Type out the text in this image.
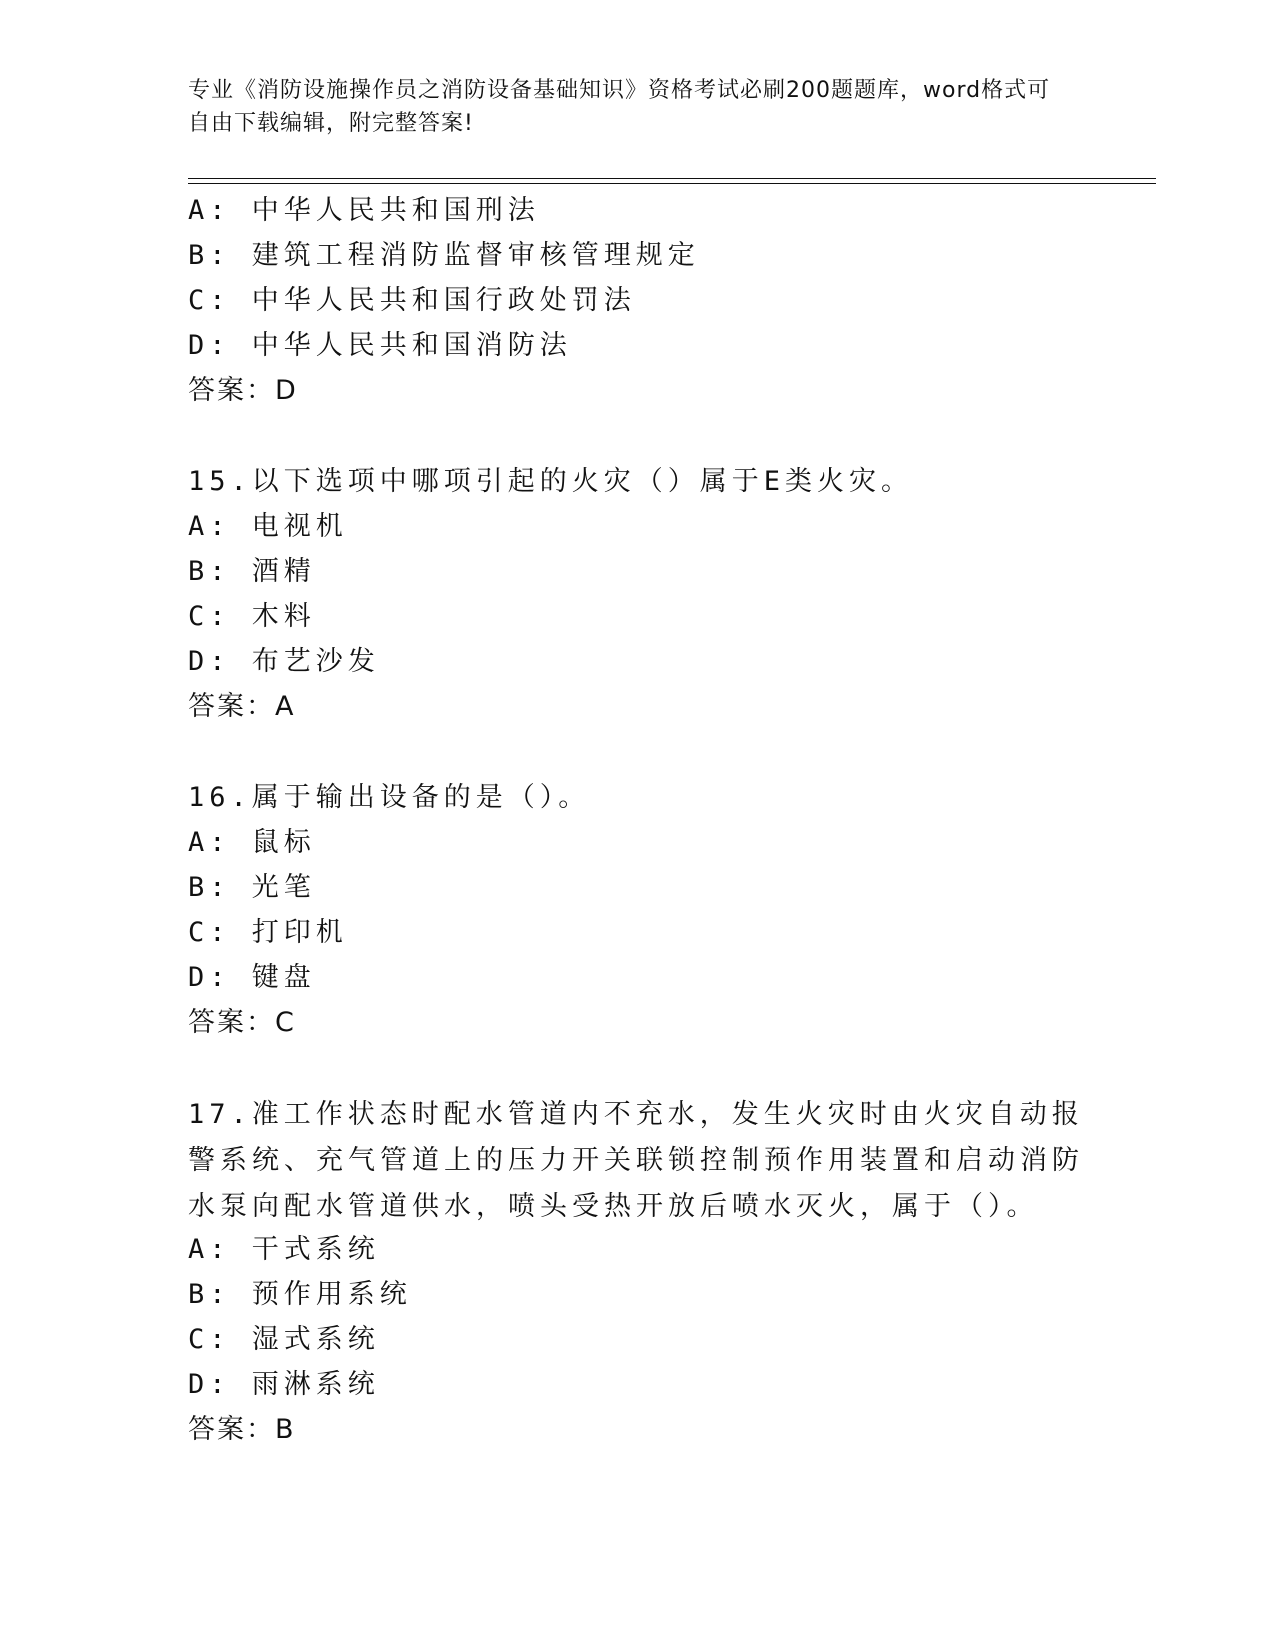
专业《消防设施操作员之消防设备基础知识》资格考试必刷200题题库，word格式可自由下载编辑，附完整答案!
A: 中华人民共和国刑法
B: 建筑工程消防监督审核管理规定
C: 中华人民共和国行政处罚法
D: 中华人民共和国消防法
答案：D
15.以下选项中哪项引起的火灾（）属于E类火灾。
A: 电视机
B: 酒精
C: 木料
D: 布艺沙发
答案：A
16.属于输出设备的是（）。
A: 鼠标
B: 光笔
C: 打印机
D: 键盘
答案：C
17.准工作状态时配水管道内不充水，发生火灾时由火灾自动报警系统、充气管道上的压力开关联锁控制预作用装置和启动消防水泵向配水管道供水，喷头受热开放后喷水灭火，属于（）。
A: 干式系统
B: 预作用系统
C: 湿式系统
D: 雨淋系统
答案：B
